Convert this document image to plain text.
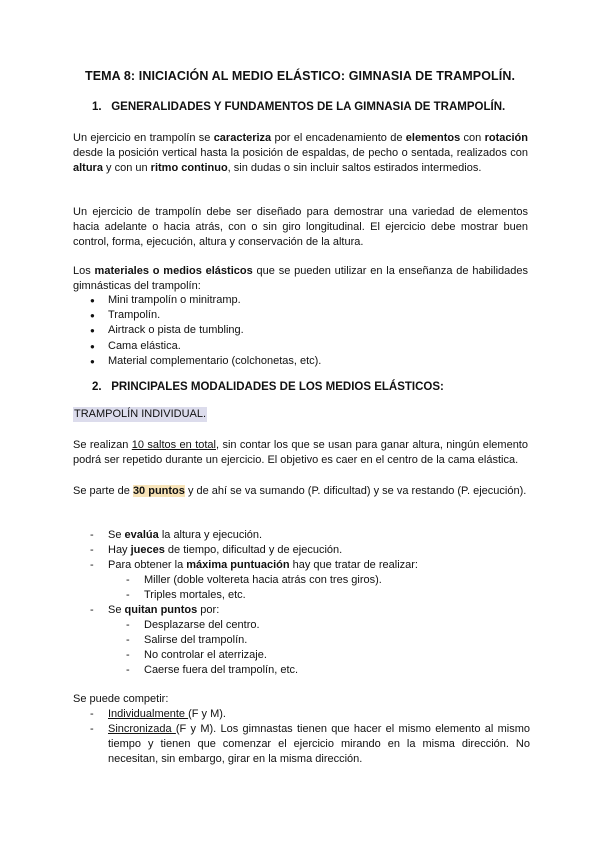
TEMA 8: INICIACIÓN AL MEDIO ELÁSTICO: GIMNASIA DE TRAMPOLÍN.
1. GENERALIDADES Y FUNDAMENTOS DE LA GIMNASIA DE TRAMPOLÍN.
Un ejercicio en trampolín se caracteriza por el encadenamiento de elementos con rotación desde la posición vertical hasta la posición de espaldas, de pecho o sentada, realizados con altura y con un ritmo continuo, sin dudas o sin incluir saltos estirados intermedios.
Un ejercicio de trampolín debe ser diseñado para demostrar una variedad de elementos hacia adelante o hacia atrás, con o sin giro longitudinal. El ejercicio debe mostrar buen control, forma, ejecución, altura y conservación de la altura.
Los materiales o medios elásticos que se pueden utilizar en la enseñanza de habilidades gimnásticas del trampolín:
● Mini trampolín o minitramp.
● Trampolín.
● Airtrack o pista de tumbling.
● Cama elástica.
● Material complementario (colchonetas, etc).
2. PRINCIPALES MODALIDADES DE LOS MEDIOS ELÁSTICOS:
TRAMPOLÍN INDIVIDUAL.
Se realizan 10 saltos en total, sin contar los que se usan para ganar altura, ningún elemento podrá ser repetido durante un ejercicio. El objetivo es caer en el centro de la cama elástica.
Se parte de 30 puntos y de ahí se va sumando (P. dificultad) y se va restando (P. ejecución).
- Se evalúa la altura y ejecución.
- Hay jueces de tiempo, dificultad y de ejecución.
- Para obtener la máxima puntuación hay que tratar de realizar:
- Miller (doble voltereta hacia atrás con tres giros).
- Triples mortales, etc.
- Se quitan puntos por:
- Desplazarse del centro.
- Salirse del trampolín.
- No controlar el aterrizaje.
- Caerse fuera del trampolín, etc.
Se puede competir:
- Individualmente (F y M).
- Sincronizada (F y M). Los gimnastas tienen que hacer el mismo elemento al mismo tiempo y tienen que comenzar el ejercicio mirando en la misma dirección. No necesitan, sin embargo, girar en la misma dirección.
